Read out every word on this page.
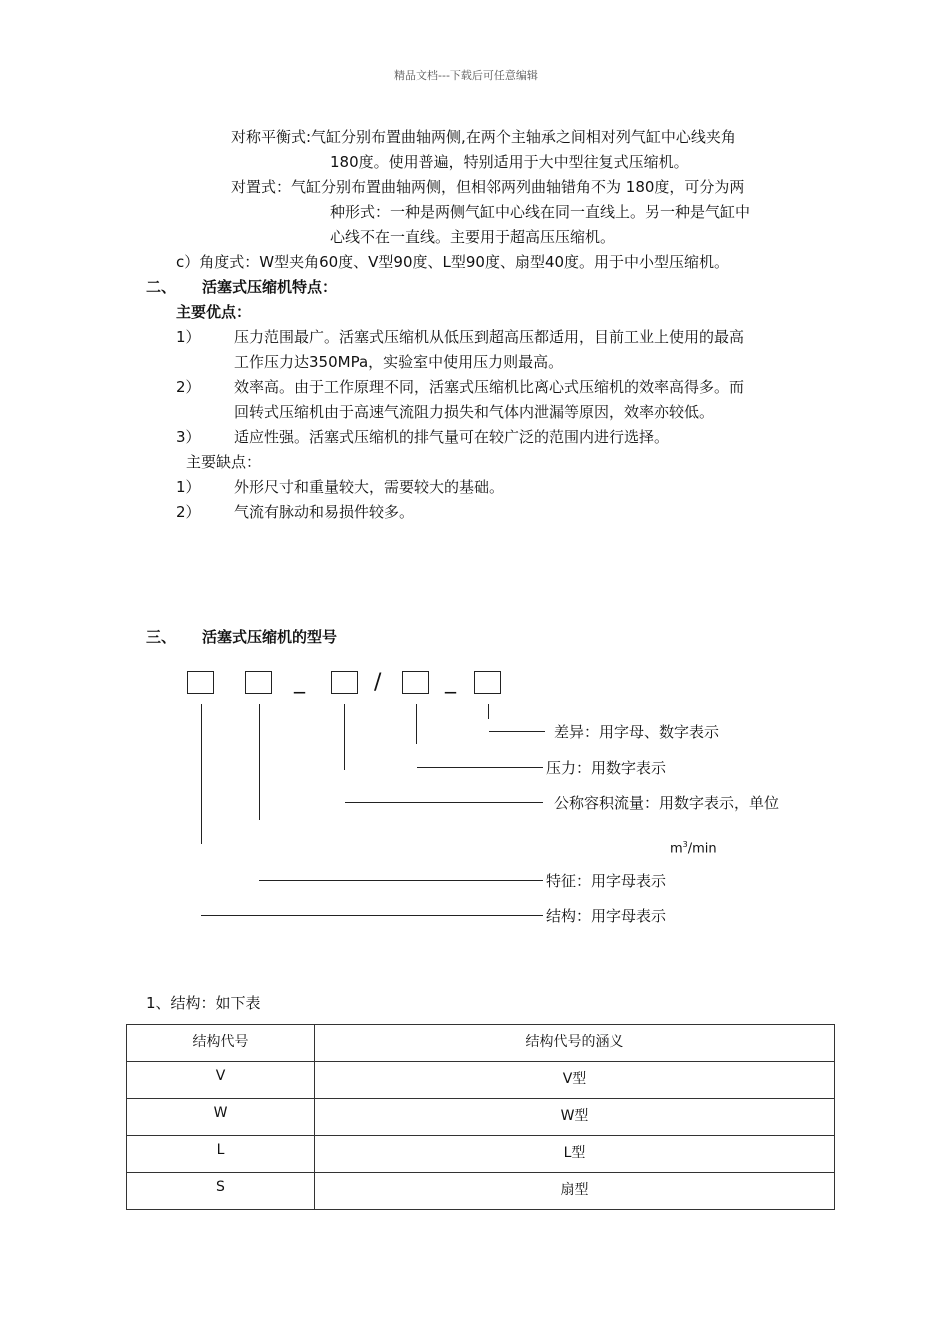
精品文档---下载后可任意编辑
对称平衡式:气缸分别布置曲轴两侧,在两个主轴承之间相对列气缸中心线夹角
180度。使用普遍，特别适用于大中型往复式压缩机。
对置式：气缸分别布置曲轴两侧，但相邻两列曲轴错角不为 180度，可分为两
种形式：一种是两侧气缸中心线在同一直线上。另一种是气缸中
心线不在一直线。主要用于超高压压缩机。
c）角度式：W型夹角60度、V型90度、L型90度、扇型40度。用于中小型压缩机。
二、 活塞式压缩机特点：
主要优点：
1） 压力范围最广。活塞式压缩机从低压到超高压都适用，目前工业上使用的最高
工作压力达350MPa，实验室中使用压力则最高。
2） 效率高。由于工作原理不同，活塞式压缩机比离心式压缩机的效率高得多。而
回转式压缩机由于高速气流阻力损失和气体内泄漏等原因，效率亦较低。
3） 适应性强。活塞式压缩机的排气量可在较广泛的范围内进行选择。
主要缺点：
1） 外形尺寸和重量较大，需要较大的基础。
2） 气流有脉动和易损件较多。
三、 活塞式压缩机的型号
_	/	_
差异：用字母、数字表示
压力：用数字表示
公称容积流量：用数字表示，单位
$m^3/\min$
特征：用字母表示
结构：用字母表示
1、结构：如下表
结构代号	结构代号的涵义
V	V型
W	W型
L	L型
S	扇型
